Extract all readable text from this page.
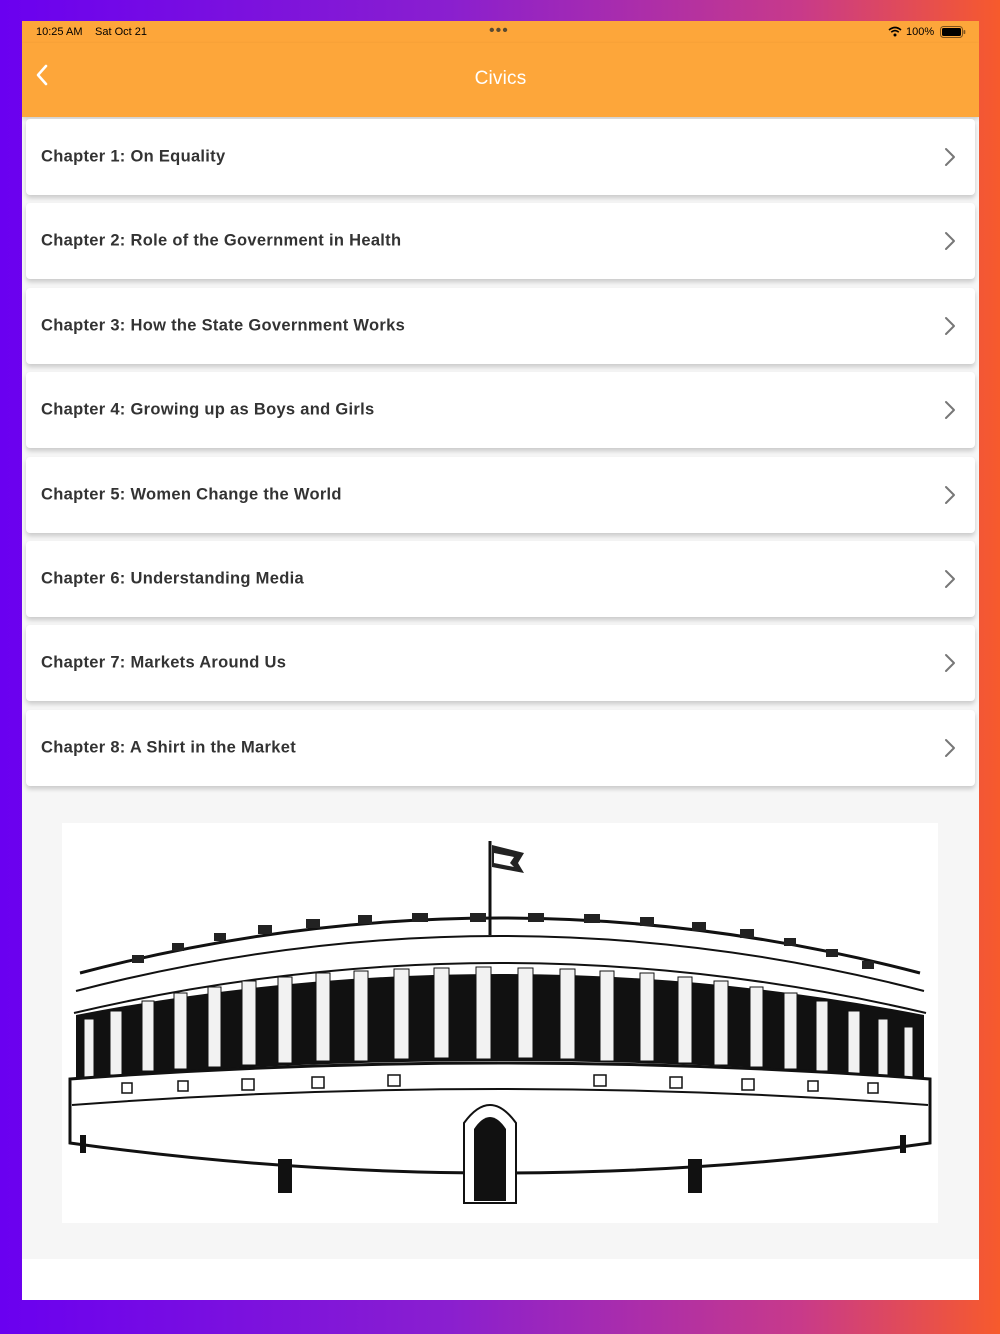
10:25 AM Sat Oct 21	•••	100%
Civics
Chapter 1: On Equality
Chapter 2: Role of the Government in Health
Chapter 3: How the State Government Works
Chapter 4: Growing up as Boys and Girls
Chapter 5: Women Change the World
Chapter 6: Understanding Media
Chapter 7: Markets Around Us
Chapter 8: A Shirt in the Market
